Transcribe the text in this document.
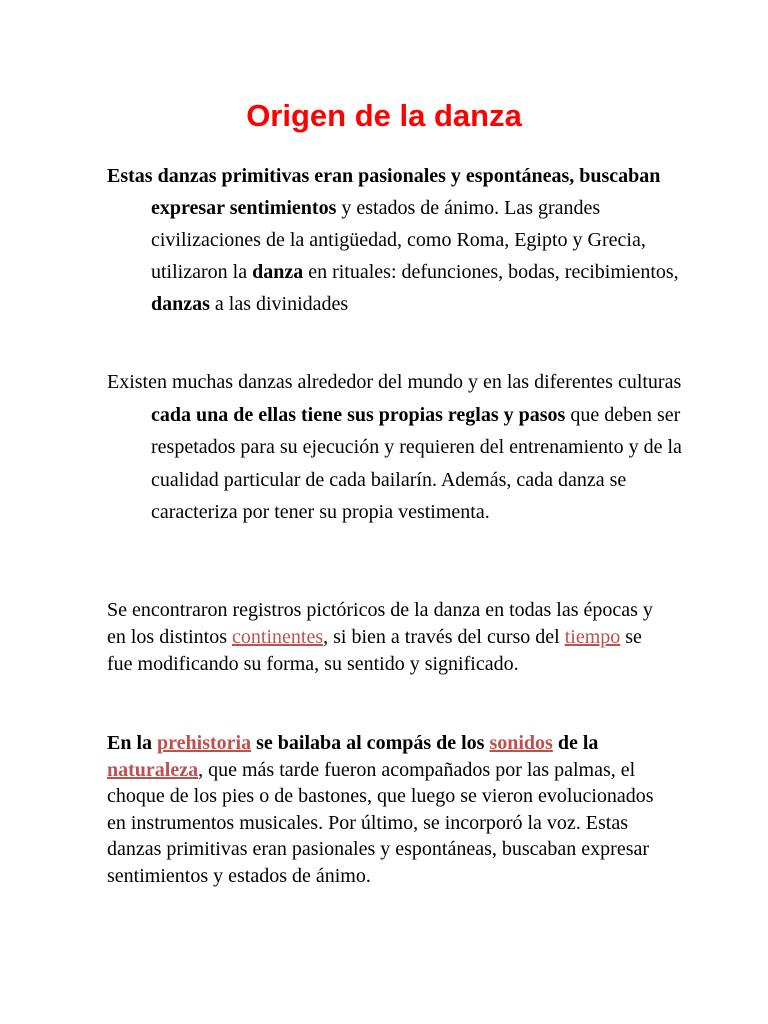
Origen de la danza

Estas danzas primitivas eran pasionales y espontáneas, buscaban expresar sentimientos y estados de ánimo. Las grandes civilizaciones de la antigüedad, como Roma, Egipto y Grecia, utilizaron la danza en rituales: defunciones, bodas, recibimientos, danzas a las divinidades

Existen muchas danzas alrededor del mundo y en las diferentes culturas cada una de ellas tiene sus propias reglas y pasos que deben ser respetados para su ejecución y requieren del entrenamiento y de la cualidad particular de cada bailarín. Además, cada danza se caracteriza por tener su propia vestimenta.

Se encontraron registros pictóricos de la danza en todas las épocas y en los distintos continentes, si bien a través del curso del tiempo se fue modificando su forma, su sentido y significado.

En la prehistoria se bailaba al compás de los sonidos de la naturaleza, que más tarde fueron acompañados por las palmas, el choque de los pies o de bastones, que luego se vieron evolucionados en instrumentos musicales. Por último, se incorporó la voz. Estas danzas primitivas eran pasionales y espontáneas, buscaban expresar sentimientos y estados de ánimo.
